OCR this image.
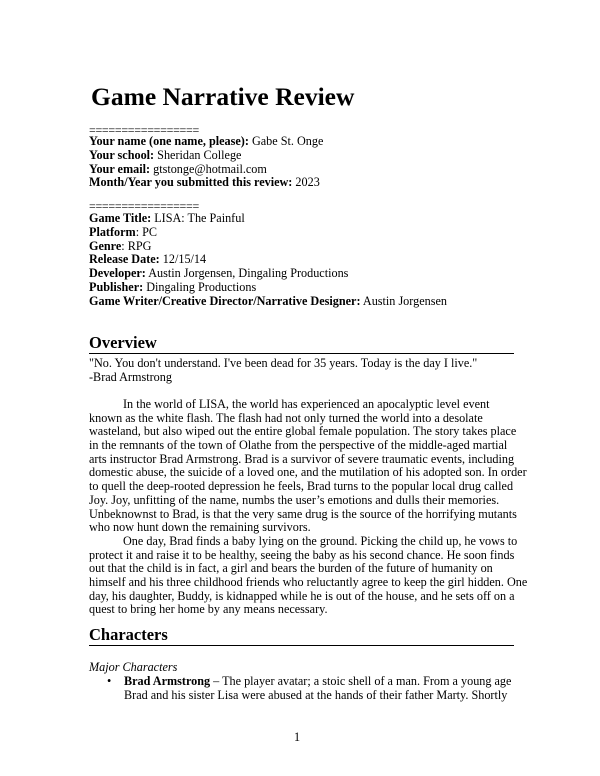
Game Narrative Review
=================
Your name (one name, please): Gabe St. Onge
Your school: Sheridan College
Your email: gtstonge@hotmail.com
Month/Year you submitted this review: 2023
=================
Game Title: LISA: The Painful
Platform: PC
Genre: RPG
Release Date: 12/15/14
Developer: Austin Jorgensen, Dingaling Productions
Publisher: Dingaling Productions
Game Writer/Creative Director/Narrative Designer: Austin Jorgensen
Overview
"No. You don't understand. I've been dead for 35 years. Today is the day I live."
-Brad Armstrong
In the world of LISA, the world has experienced an apocalyptic level event
known as the white flash. The flash had not only turned the world into a desolate
wasteland, but also wiped out the entire global female population. The story takes place
in the remnants of the town of Olathe from the perspective of the middle-aged martial
arts instructor Brad Armstrong. Brad is a survivor of severe traumatic events, including
domestic abuse, the suicide of a loved one, and the mutilation of his adopted son. In order
to quell the deep-rooted depression he feels, Brad turns to the popular local drug called
Joy. Joy, unfitting of the name, numbs the user’s emotions and dulls their memories.
Unbeknownst to Brad, is that the very same drug is the source of the horrifying mutants
who now hunt down the remaining survivors.
One day, Brad finds a baby lying on the ground. Picking the child up, he vows to
protect it and raise it to be healthy, seeing the baby as his second chance. He soon finds
out that the child is in fact, a girl and bears the burden of the future of humanity on
himself and his three childhood friends who reluctantly agree to keep the girl hidden. One
day, his daughter, Buddy, is kidnapped while he is out of the house, and he sets off on a
quest to bring her home by any means necessary.
Characters
Major Characters
• Brad Armstrong – The player avatar; a stoic shell of a man. From a young age
Brad and his sister Lisa were abused at the hands of their father Marty. Shortly
1
